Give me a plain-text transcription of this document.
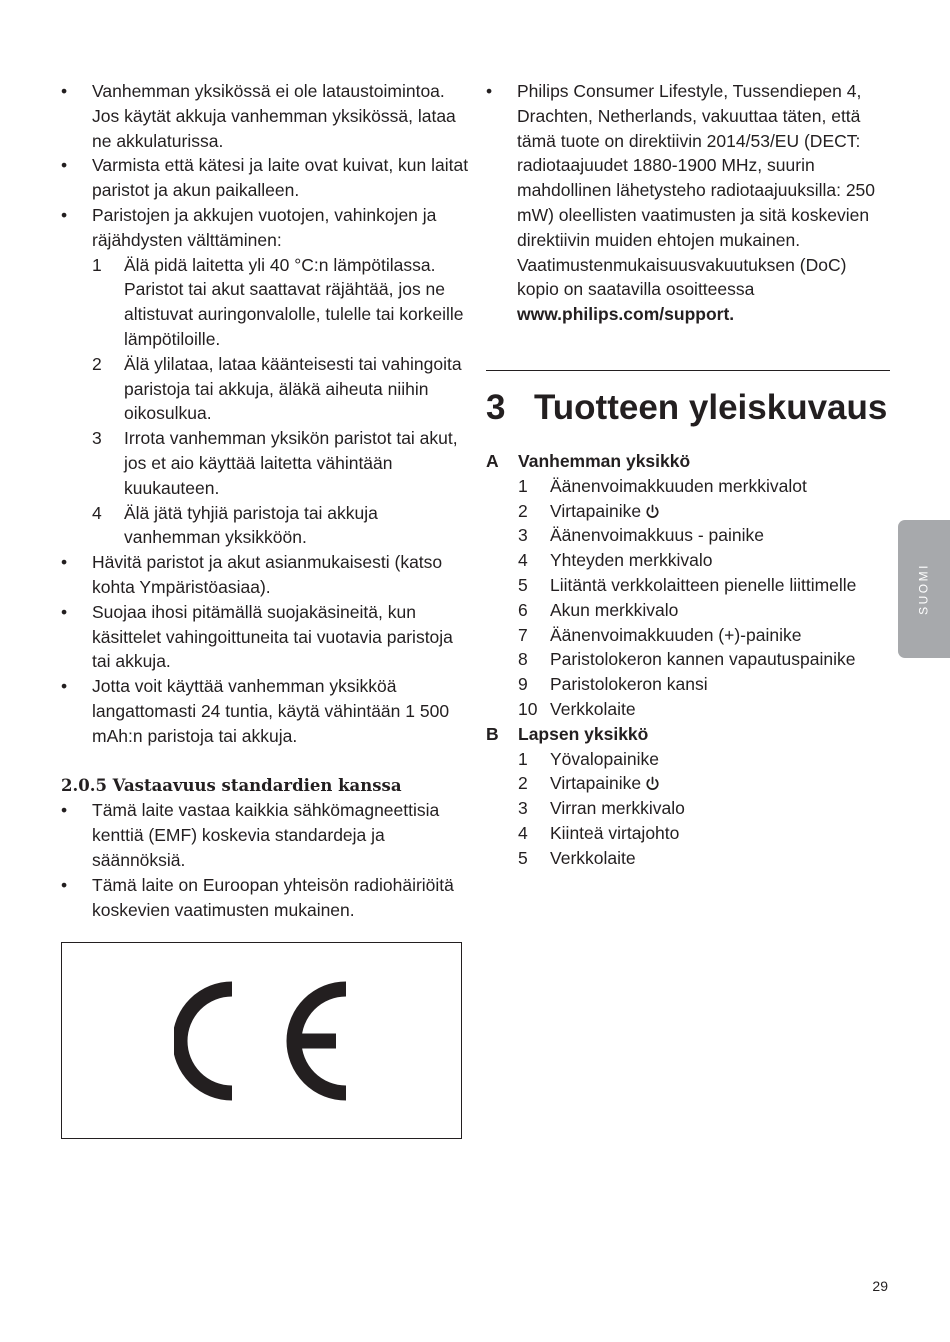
• Vanhemman yksikössä ei ole lataustoimintoa. Jos käytät akkuja vanhemman yksikössä, lataa ne akkulaturissa.
• Varmista että kätesi ja laite ovat kuivat, kun laitat paristot ja akun paikalleen.
• Paristojen ja akkujen vuotojen, vahinkojen ja räjähdysten välttäminen:
1 Älä pidä laitetta yli 40 °C:n lämpötilassa. Paristot tai akut saattavat räjähtää, jos ne altistuvat auringonvalolle, tulelle tai korkeille lämpötiloille.
2 Älä ylilataa, lataa käänteisesti tai vahingoita paristoja tai akkuja, äläkä aiheuta niihin oikosulkua.
3 Irrota vanhemman yksikön paristot tai akut, jos et aio käyttää laitetta vähintään kuukauteen.
4 Älä jätä tyhjiä paristoja tai akkuja vanhemman yksikköön.
• Hävitä paristot ja akut asianmukaisesti (katso kohta Ympäristöasiaa).
• Suojaa ihosi pitämällä suojakäsineitä, kun käsittelet vahingoittuneita tai vuotavia paristoja tai akkuja.
• Jotta voit käyttää vanhemman yksikköä langattomasti 24 tuntia, käytä vähintään 1 500 mAh:n paristoja tai akkuja.
2.0.5 Vastaavuus standardien kanssa
• Tämä laite vastaa kaikkia sähkömagneettisia kenttiä (EMF) koskevia standardeja ja säännöksiä.
• Tämä laite on Euroopan yhteisön radiohäiriöitä koskevien vaatimusten mukainen.
• Philips Consumer Lifestyle, Tussendiepen 4, Drachten, Netherlands, vakuuttaa täten, että tämä tuote on direktiivin 2014/53/EU (DECT: radiotaajuudet 1880-1900 MHz, suurin mahdollinen lähetysteho radiotaajuuksilla: 250 mW) oleellisten vaatimusten ja sitä koskevien direktiivin muiden ehtojen mukainen. Vaatimustenmukaisuusvakuutuksen (DoC) kopio on saatavilla osoitteessa www.philips.com/support.
3 Tuotteen yleiskuvaus
A	Vanhemman yksikkö
1 Äänenvoimakkuuden merkkivalot
2 Virtapainike
3 Äänenvoimakkuus - painike
4 Yhteyden merkkivalo
5 Liitäntä verkkolaitteen pienelle liittimelle
6 Akun merkkivalo
7 Äänenvoimakkuuden (+)-painike
8 Paristolokeron kannen vapautuspainike
9 Paristolokeron kansi
10 Verkkolaite
B	Lapsen yksikkö
1 Yövalopainike
2 Virtapainike
3 Virran merkkivalo
4 Kiinteä virtajohto
5 Verkkolaite
SUOMI
29
